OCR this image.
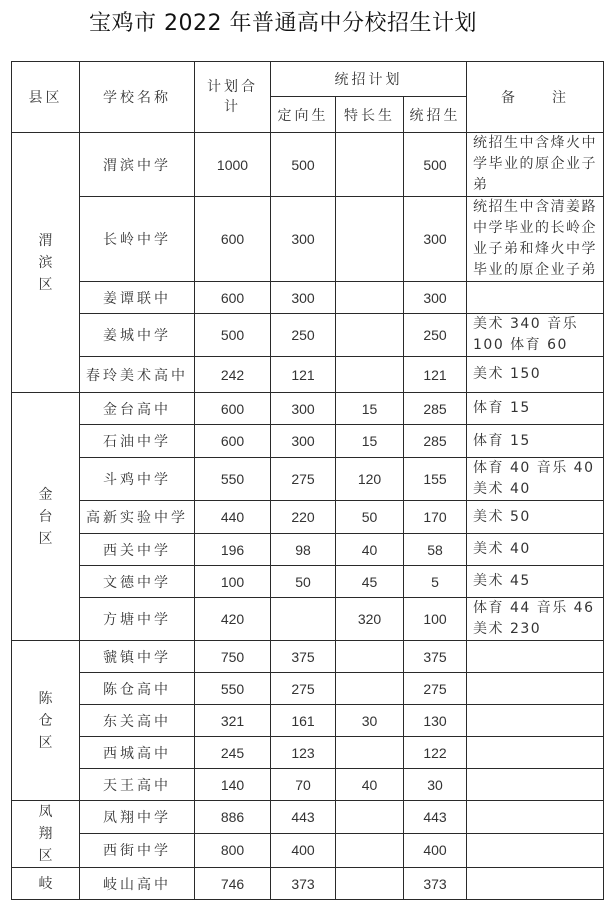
宝鸡市 2022 年普通高中分校招生计划
县区	学校名称	计划合计	统招计划			备　　注
			定向生	特长生	统招生	

渭
滨
区	渭滨中学	1000	500		500	统招生中含烽火中学毕业的原企业子弟
	长岭中学	600	300		300	统招生中含清姜路中学毕业的长岭企业子弟和烽火中学毕业的原企业子弟
	姜谭联中	600	300		300	
	姜城中学	500	250		250	美术 340 音乐 100 体育 60
	春玲美术高中	242	121		121	美术 150

金
台
区	金台高中	600	300	15	285	体育 15
	石油中学	600	300	15	285	体育 15
	斗鸡中学	550	275	120	155	体育 40 音乐 40 美术 40
	高新实验中学	440	220	50	170	美术 50
	西关中学	196	98	40	58	美术 40
	文德中学	100	50	45	5	美术 45
	方塘中学	420		320	100	体育 44 音乐 46 美术 230

陈
仓
区	虢镇中学	750	375		375	
	陈仓高中	550	275		275	
	东关高中	321	161	30	130	
	西城高中	245	123		122	
	天王高中	140	70	40	30	

凤
翔
区	凤翔中学	886	443		443	
	西街中学	800	400		400	

岐	岐山高中	746	373		373	
